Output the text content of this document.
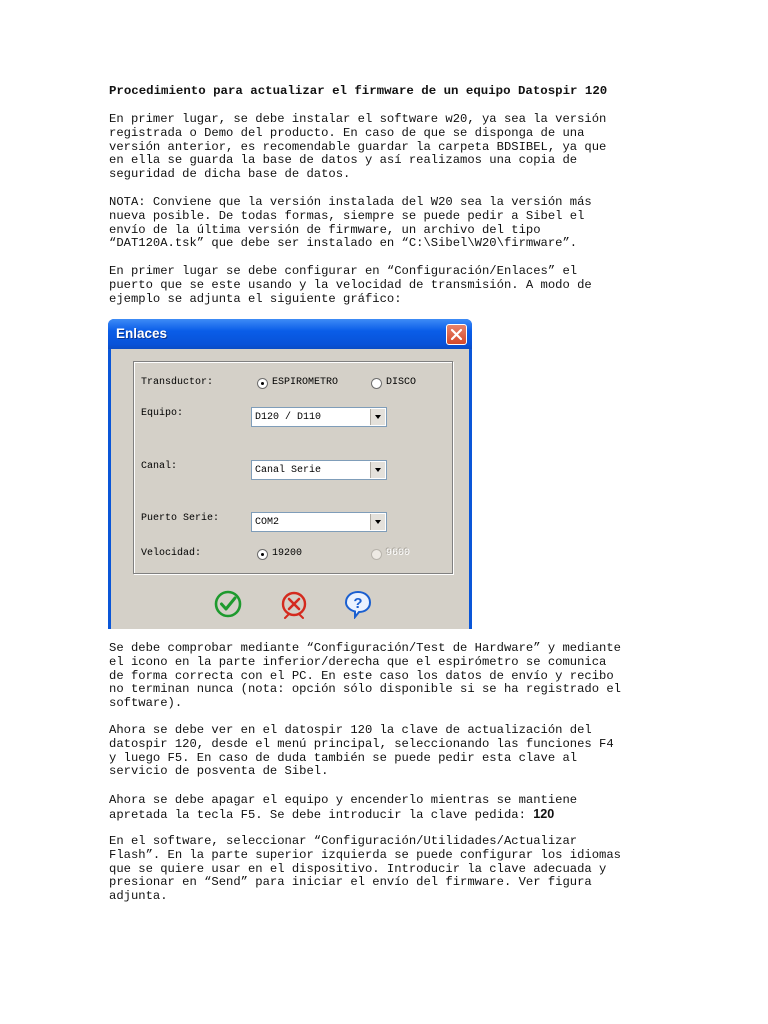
Procedimiento para actualizar el firmware de un equipo Datospir 120

En primer lugar, se debe instalar el software w20, ya sea la versión
registrada o Demo del producto. En caso de que se disponga de una
versión anterior, es recomendable guardar la carpeta BDSIBEL, ya que
en ella se guarda la base de datos y así realizamos una copia de
seguridad de dicha base de datos.

NOTA: Conviene que la versión instalada del W20 sea la versión más
nueva posible. De todas formas, siempre se puede pedir a Sibel el
envío de la última versión de firmware, un archivo del tipo
“DAT120A.tsk” que debe ser instalado en “C:\Sibel\W20\firmware”.

En primer lugar se debe configurar en “Configuración/Enlaces” el
puerto que se este usando y la velocidad de transmisión. A modo de
ejemplo se adjunta el siguiente gráfico:

Enlaces
Transductor:	ESPIROMETRO	DISCO
Equipo:	D120 / D110
Canal:	Canal Serie
Puerto Serie:	COM2
Velocidad:	19200	9600
?

Se debe comprobar mediante “Configuración/Test de Hardware” y mediante
el icono en la parte inferior/derecha que el espirómetro se comunica
de forma correcta con el PC. En este caso los datos de envío y recibo
no terminan nunca (nota: opción sólo disponible si se ha registrado el
software).

Ahora se debe ver en el datospir 120 la clave de actualización del
datospir 120, desde el menú principal, seleccionando las funciones F4
y luego F5. En caso de duda también se puede pedir esta clave al
servicio de posventa de Sibel.

Ahora se debe apagar el equipo y encenderlo mientras se mantiene
apretada la tecla F5. Se debe introducir la clave pedida: 120

En el software, seleccionar “Configuración/Utilidades/Actualizar
Flash”. En la parte superior izquierda se puede configurar los idiomas
que se quiere usar en el dispositivo. Introducir la clave adecuada y
presionar en “Send” para iniciar el envío del firmware. Ver figura
adjunta.
